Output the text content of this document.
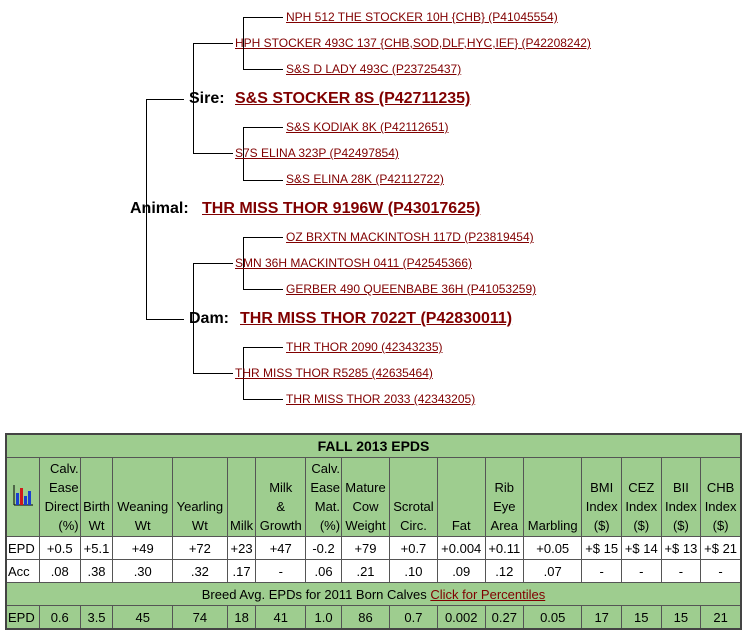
NPH 512 THE STOCKER 10H {CHB} (P41045554)
HPH STOCKER 493C 137 {CHB,SOD,DLF,HYC,IEF} (P42208242)
S&S D LADY 493C (P23725437)
Sire: S&S STOCKER 8S (P42711235)
S&S KODIAK 8K (P42112651)
S7S ELINA 323P (P42497854)
S&S ELINA 28K (P42112722)
Animal: THR MISS THOR 9196W (P43017625)
OZ BRXTN MACKINTOSH 117D (P23819454)
SMN 36H MACKINTOSH 0411 (P42545366)
GERBER 490 QUEENBABE 36H (P41053259)
Dam: THR MISS THOR 7022T (P42830011)
THR THOR 2090 (42343235)
THR MISS THOR R5285 (42635464)
THR MISS THOR 2033 (42343205)
FALL 2013 EPDS																
	Calv.
Ease
Direct
(%)	Birth
Wt	Weaning
Wt	Yearling
Wt	Milk	Milk
&
Growth	Calv.
Ease
Mat.
(%)	Mature
Cow
Weight	Scrotal
Circ.	Fat	Rib
Eye
Area	Marbling	BMI
Index
($)	CEZ
Index
($)	BII
Index
($)	CHB
Index
($)
EPD	+0.5	+5.1	+49	+72	+23	+47	-0.2	+79	+0.7	+0.004	+0.11	+0.05	+$ 15	+$ 14	+$ 13	+$ 21
Acc	.08	.38	.30	.32	.17	-	.06	.21	.10	.09	.12	.07	-	-	-	-
Breed Avg. EPDs for 2011 Born Calves Click for Percentiles																
EPD	0.6	3.5	45	74	18	41	1.0	86	0.7	0.002	0.27	0.05	17	15	15	21
